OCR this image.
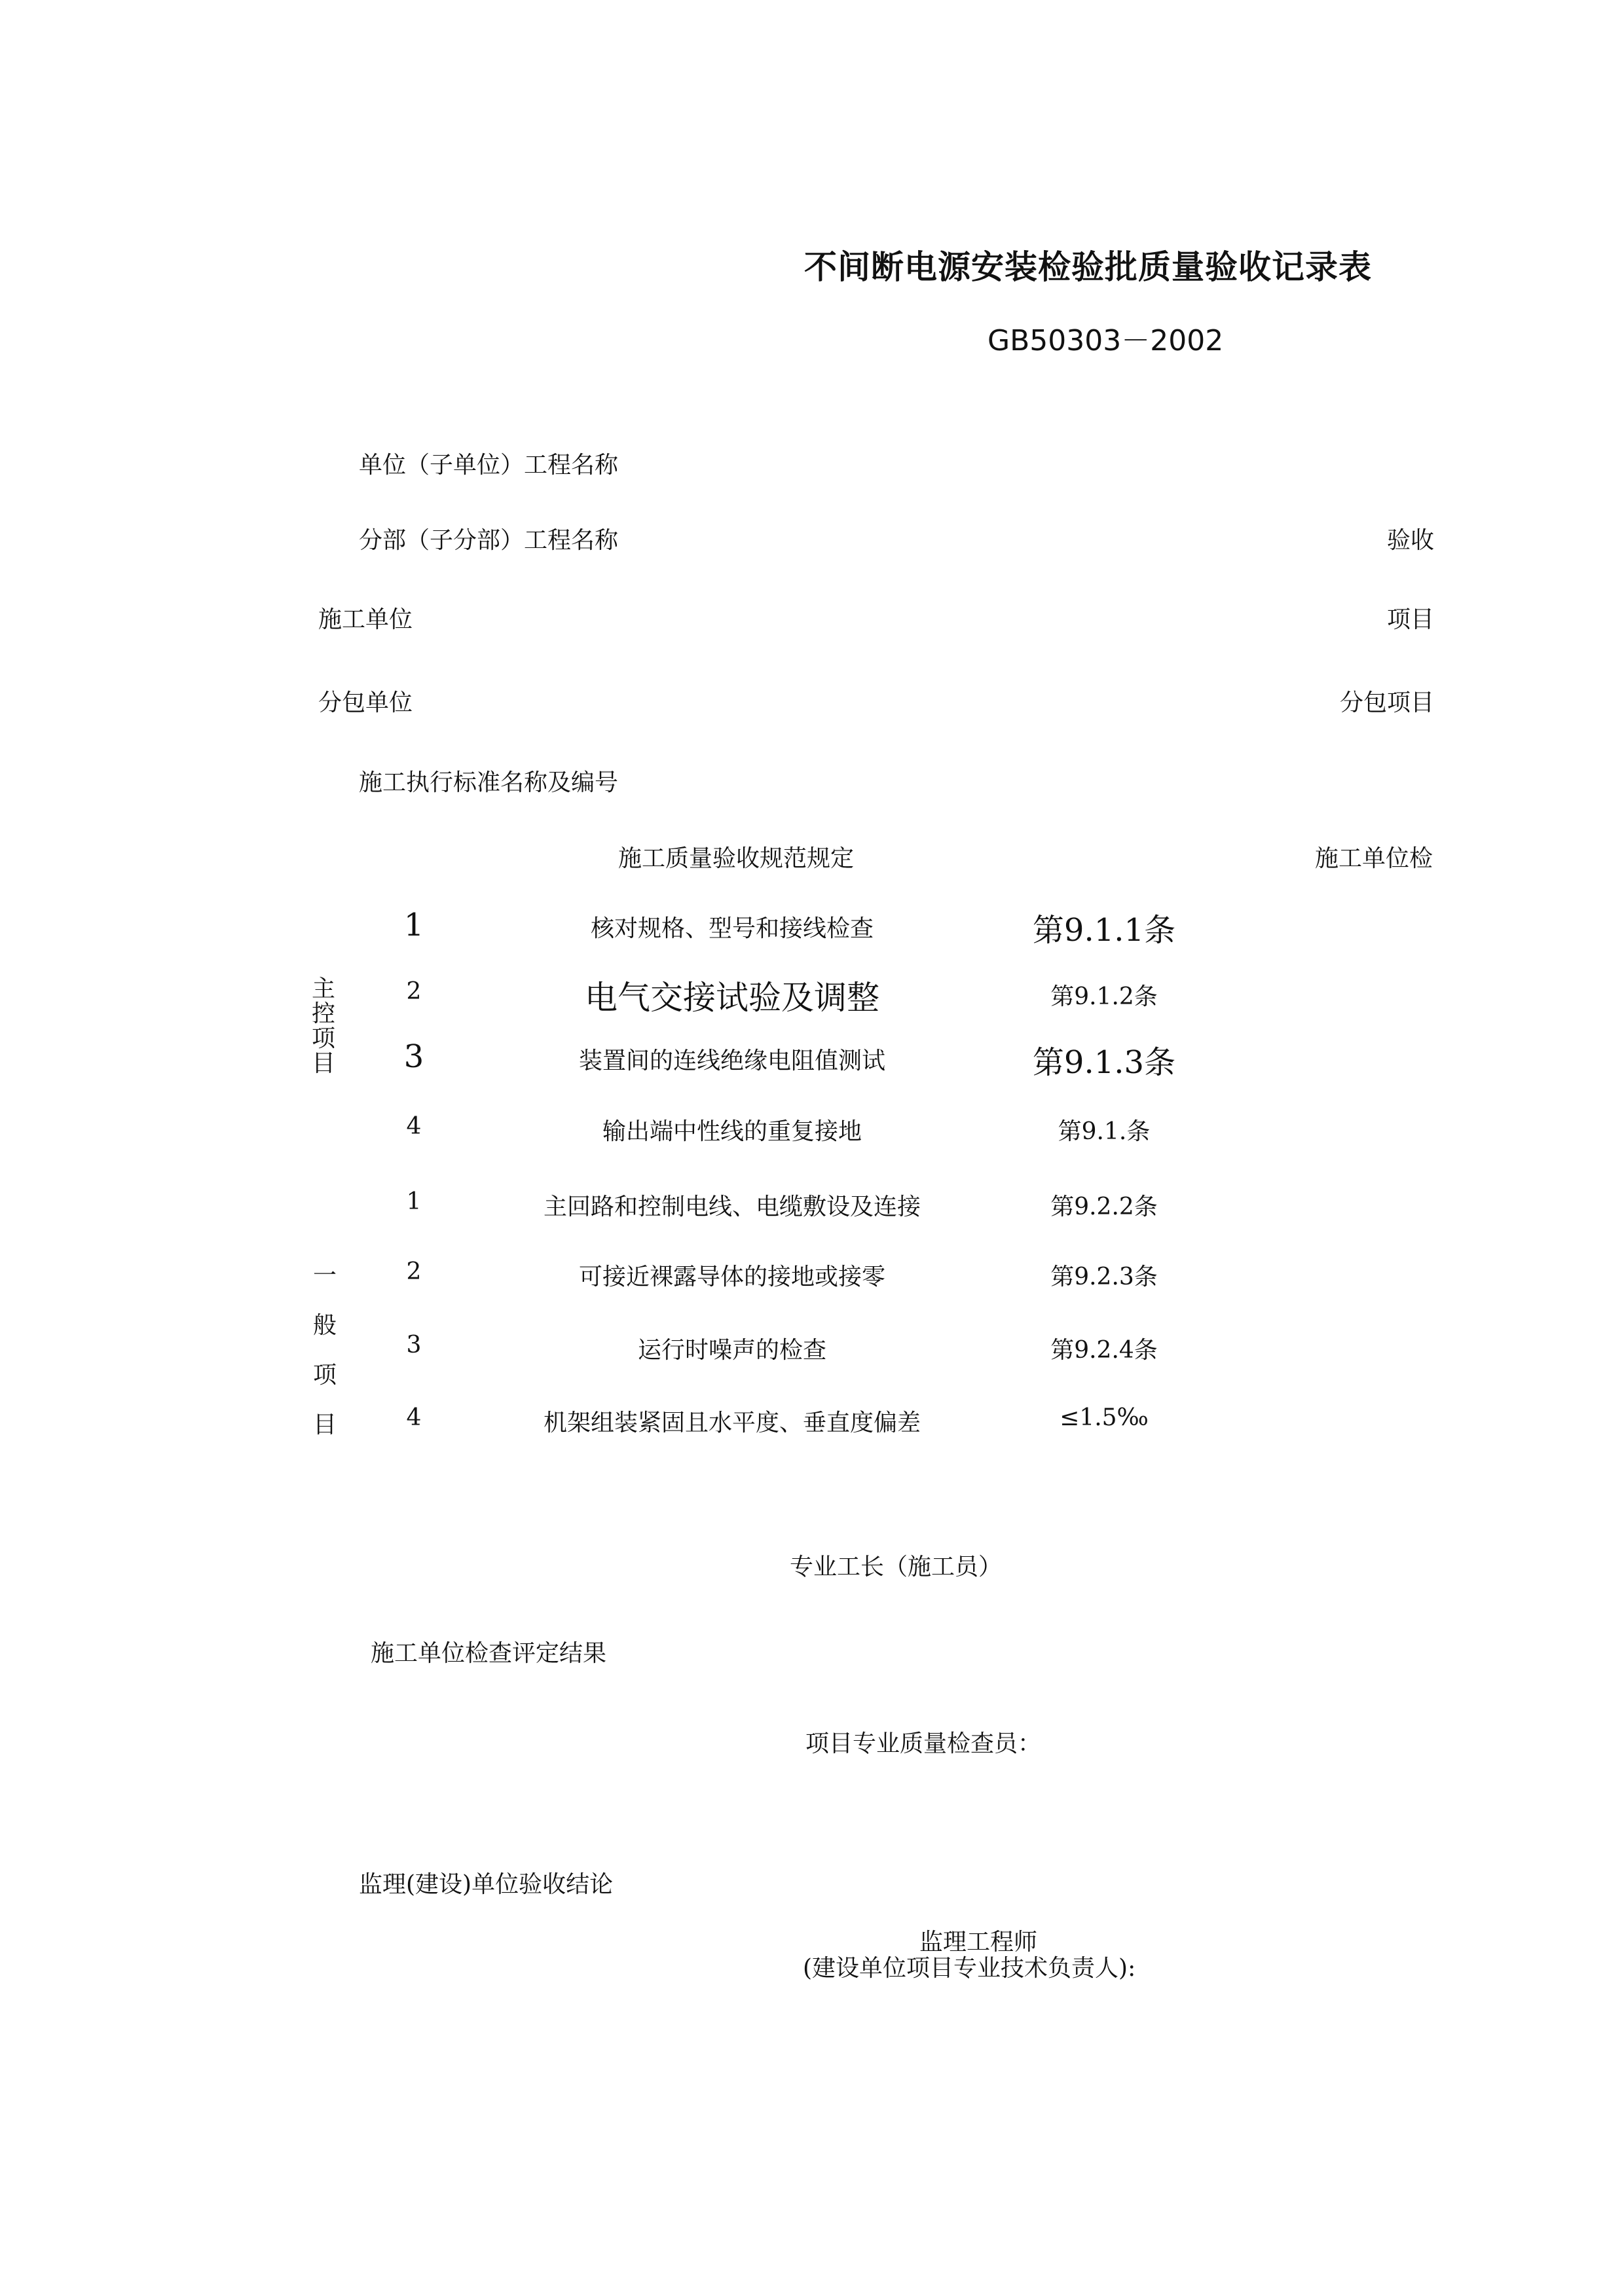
不间断电源安装检验批质量验收记录表
GB50303－2002
单位（子单位）工程名称
分部（子分部）工程名称	验收
施工单位	项目
分包单位	分包项目
施工执行标准名称及编号
施工质量验收规范规定	施工单位检
主
控
项
目
1	核对规格、型号和接线检查	第9.1.1条
2	电气交接试验及调整	第9.1.2条
3	装置间的连线绝缘电阻值测试	第9.1.3条
4	输出端中性线的重复接地	第9.1.条
一
般
项
目
1	主回路和控制电线、电缆敷设及连接	第9.2.2条
2	可接近裸露导体的接地或接零	第9.2.3条
3	运行时噪声的检查	第9.2.4条
4	机架组装紧固且水平度、垂直度偏差	≤1.5‰
专业工长（施工员）
施工单位检查评定结果
项目专业质量检查员：
监理(建设)单位验收结论
监理工程师
(建设单位项目专业技术负责人):
